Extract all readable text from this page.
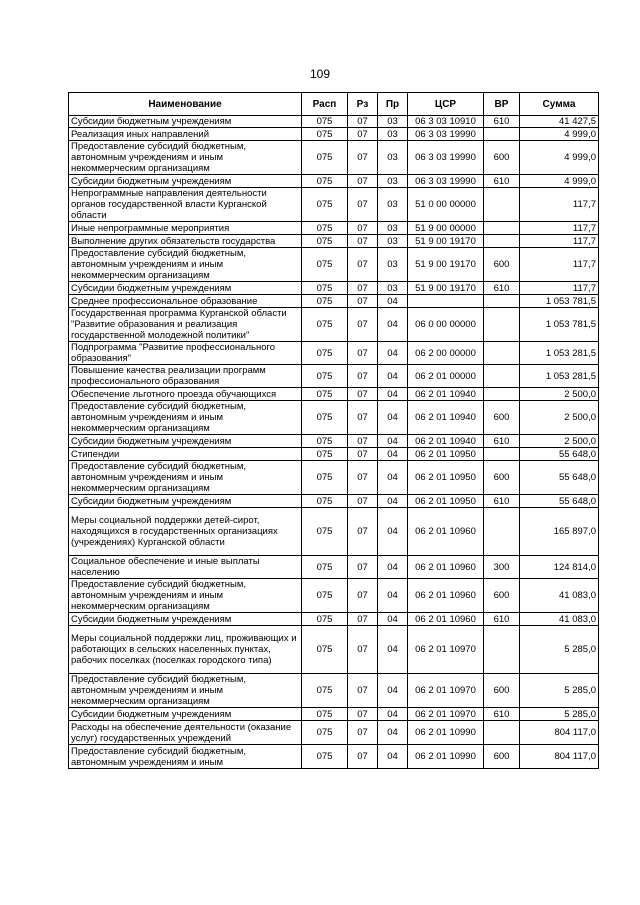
109
Наименование	Расп	Рз	Пр	ЦСР	ВР	Сумма
Субсидии бюджетным учреждениям	075	07	03	06 3 03 10910	610	41 427,5
Реализация иных направлений	075	07	03	06 3 03 19990		4 999,0
Предоставление субсидий бюджетным, автономным учреждениям и иным некоммерческим организациям	075	07	03	06 3 03 19990	600	4 999,0
Субсидии бюджетным учреждениям	075	07	03	06 3 03 19990	610	4 999,0
Непрограммные направления деятельности органов государственной власти Курганской области	075	07	03	51 0 00 00000		117,7
Иные непрограммные мероприятия	075	07	03	51 9 00 00000		117,7
Выполнение других обязательств государства	075	07	03	51 9 00 19170		117,7
Предоставление субсидий бюджетным, автономным учреждениям и иным некоммерческим организациям	075	07	03	51 9 00 19170	600	117,7
Субсидии бюджетным учреждениям	075	07	03	51 9 00 19170	610	117,7
Среднее профессиональное образование	075	07	04			1 053 781,5
Государственная программа Курганской области "Развитие образования и реализация государственной молодежной политики"	075	07	04	06 0 00 00000		1 053 781,5
Подпрограмма "Развитие профессионального образования"	075	07	04	06 2 00 00000		1 053 281,5
Повышение качества реализации программ профессионального образования	075	07	04	06 2 01 00000		1 053 281,5
Обеспечение льготного проезда обучающихся	075	07	04	06 2 01 10940		2 500,0
Предоставление субсидий бюджетным, автономным учреждениям и иным некоммерческим организациям	075	07	04	06 2 01 10940	600	2 500,0
Субсидии бюджетным учреждениям	075	07	04	06 2 01 10940	610	2 500,0
Стипендии	075	07	04	06 2 01 10950		55 648,0
Предоставление субсидий бюджетным, автономным учреждениям и иным некоммерческим организациям	075	07	04	06 2 01 10950	600	55 648,0
Субсидии бюджетным учреждениям	075	07	04	06 2 01 10950	610	55 648,0
Меры социальной поддержки детей-сирот, находящихся в государственных организациях (учреждениях) Курганской области	075	07	04	06 2 01 10960		165 897,0
Социальное обеспечение и иные выплаты населению	075	07	04	06 2 01 10960	300	124 814,0
Предоставление субсидий бюджетным, автономным учреждениям и иным некоммерческим организациям	075	07	04	06 2 01 10960	600	41 083,0
Субсидии бюджетным учреждениям	075	07	04	06 2 01 10960	610	41 083,0
Меры социальной поддержки лиц, проживающих и работающих в сельских населенных пунктах, рабочих поселках (поселках городского типа)	075	07	04	06 2 01 10970		5 285,0
Предоставление субсидий бюджетным, автономным учреждениям и иным некоммерческим организациям	075	07	04	06 2 01 10970	600	5 285,0
Субсидии бюджетным учреждениям	075	07	04	06 2 01 10970	610	5 285,0
Расходы на обеспечение деятельности (оказание услуг) государственных учреждений	075	07	04	06 2 01 10990		804 117,0
Предоставление субсидий бюджетным, автономным учреждениям и иным	075	07	04	06 2 01 10990	600	804 117,0
